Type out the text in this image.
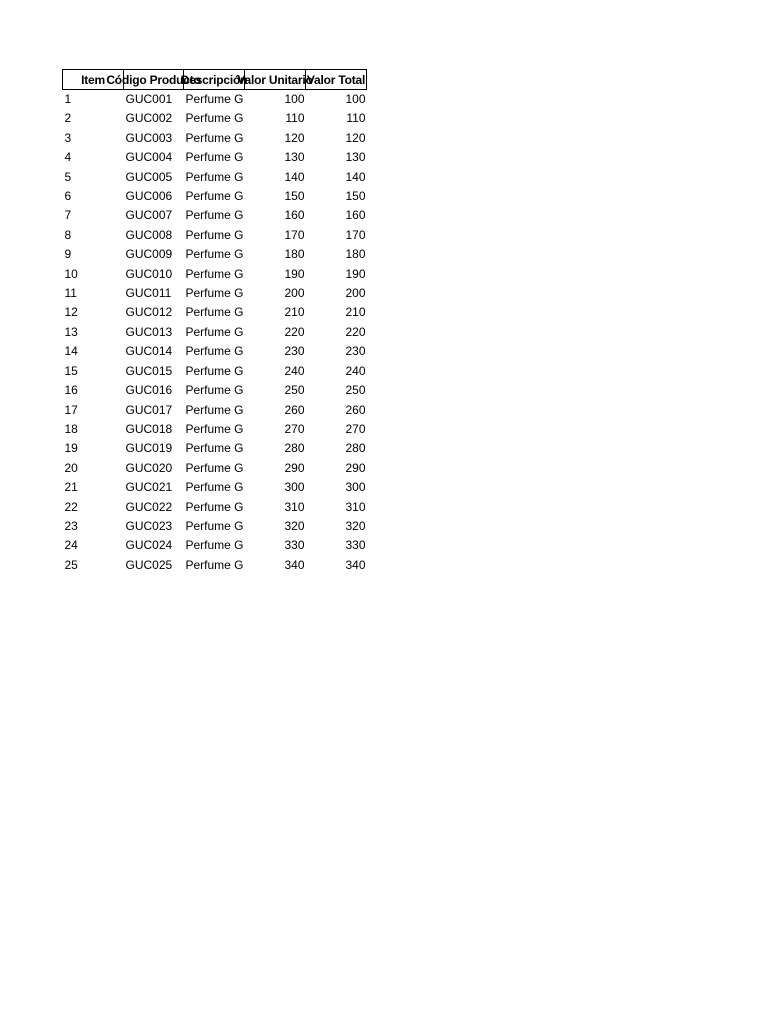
Item	Código Producto	Descripción	Valor Unitario	Valor Total

1	GUC001	Perfume G	100	100
2	GUC002	Perfume G	110	110
3	GUC003	Perfume G	120	120
4	GUC004	Perfume G	130	130
5	GUC005	Perfume G	140	140
6	GUC006	Perfume G	150	150
7	GUC007	Perfume G	160	160
8	GUC008	Perfume G	170	170
9	GUC009	Perfume G	180	180
10	GUC010	Perfume G	190	190
11	GUC011	Perfume G	200	200
12	GUC012	Perfume G	210	210
13	GUC013	Perfume G	220	220
14	GUC014	Perfume G	230	230
15	GUC015	Perfume G	240	240
16	GUC016	Perfume G	250	250
17	GUC017	Perfume G	260	260
18	GUC018	Perfume G	270	270
19	GUC019	Perfume G	280	280
20	GUC020	Perfume G	290	290
21	GUC021	Perfume G	300	300
22	GUC022	Perfume G	310	310
23	GUC023	Perfume G	320	320
24	GUC024	Perfume G	330	330
25	GUC025	Perfume G	340	340
